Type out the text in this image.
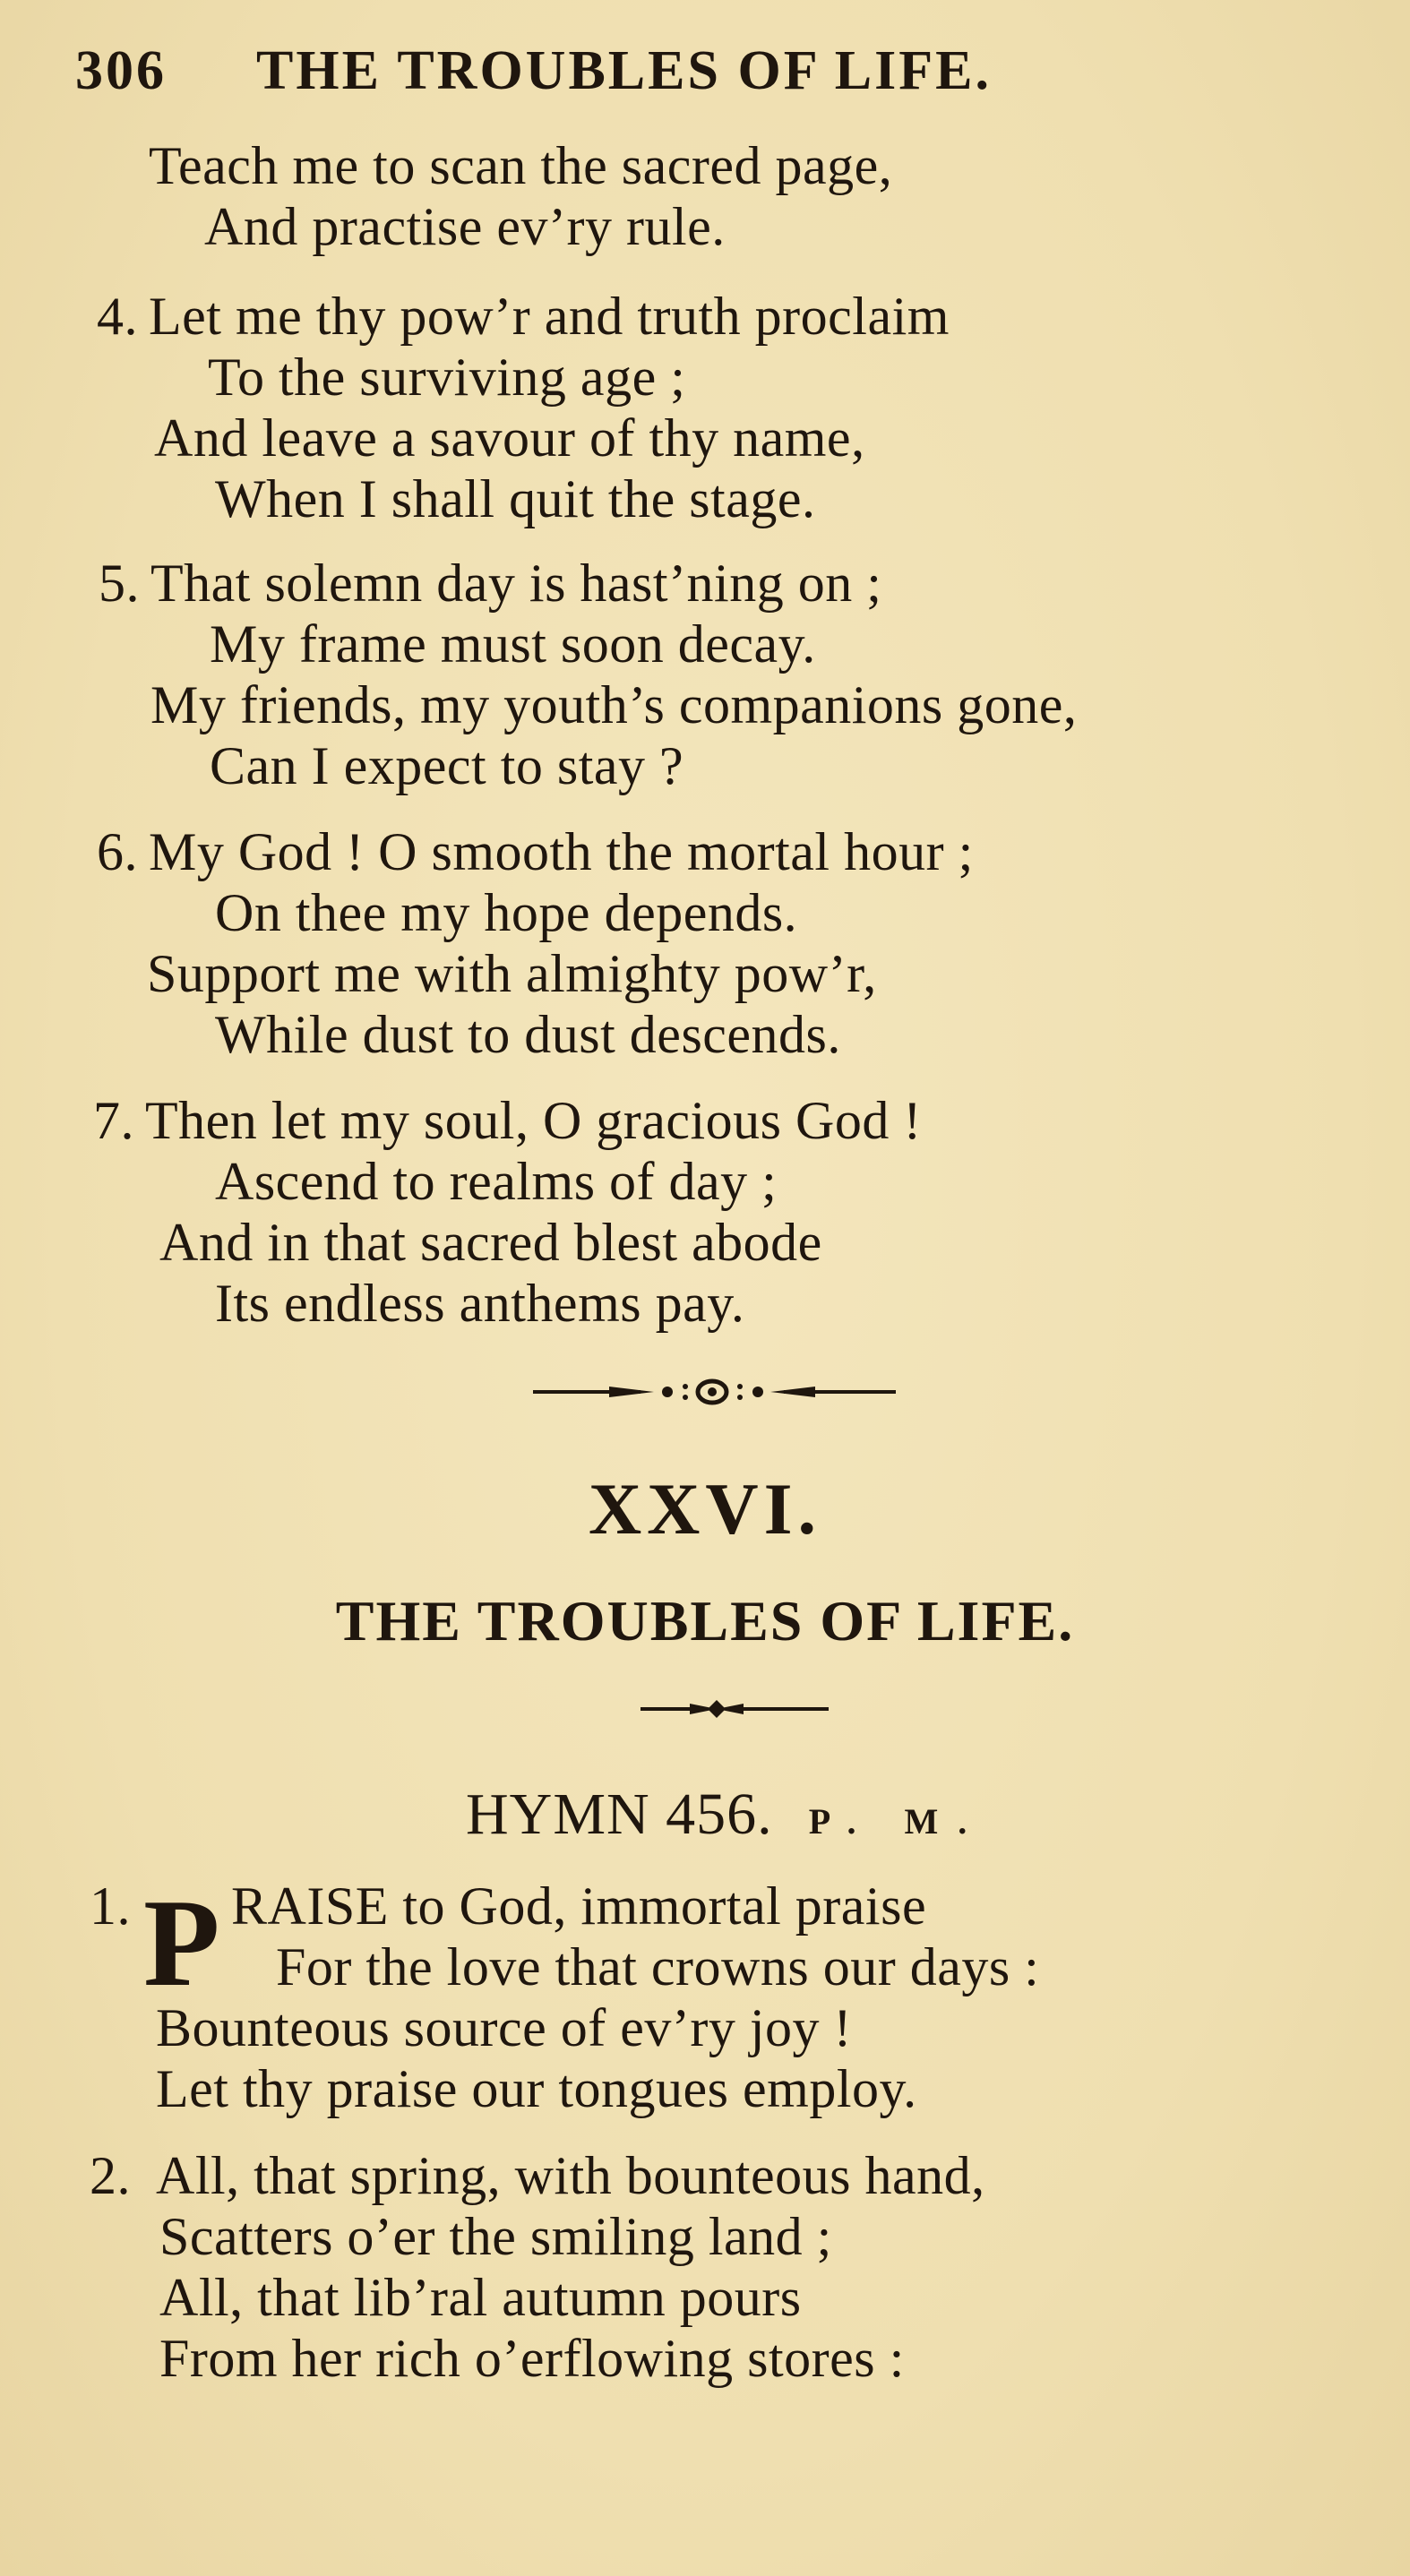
306 THE TROUBLES OF LIFE.
Teach me to scan the sacred page,
And practise ev’ry rule.
4. Let me thy pow’r and truth proclaim
To the surviving age ;
And leave a savour of thy name,
When I shall quit the stage.
5. That solemn day is hast’ning on ;
My frame must soon decay.
My friends, my youth’s companions gone,
Can I expect to stay ?
6. My God ! O smooth the mortal hour ;
On thee my hope depends.
Support me with almighty pow’r,
While dust to dust descends.
7. Then let my soul, O gracious God !
Ascend to realms of day ;
And in that sacred blest abode
Its endless anthems pay.
XXVI.
THE TROUBLES OF LIFE.
HYMN 456. P. M.
1. P RAISE to God, immortal praise
For the love that crowns our days :
Bounteous source of ev’ry joy !
Let thy praise our tongues employ.
2. All, that spring, with bounteous hand,
Scatters o’er the smiling land ;
All, that lib’ral autumn pours
From her rich o’erflowing stores :
